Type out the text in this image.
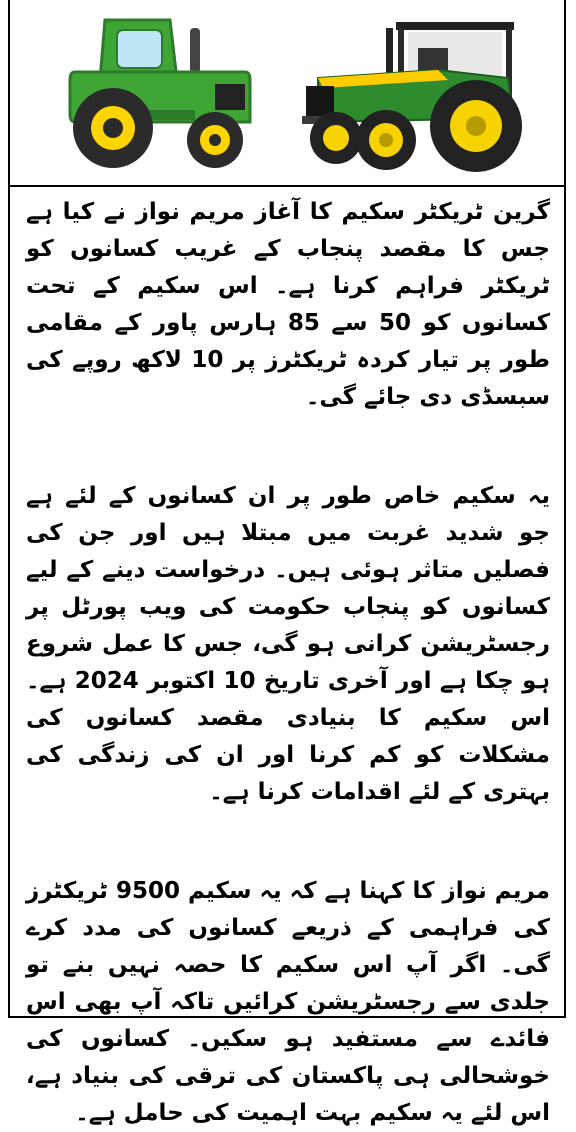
گرین ٹریکٹر سکیم کا آغاز مریم نواز نے کیا ہے جس کا مقصد پنجاب کے غریب کسانوں کو ٹریکٹر فراہم کرنا ہے۔ اس سکیم کے تحت کسانوں کو 50 سے 85 ہارس پاور کے مقامی طور پر تیار کردہ ٹریکٹرز پر 10 لاکھ روپے کی سبسڈی دی جائے گی۔

یہ سکیم خاص طور پر ان کسانوں کے لئے ہے جو شدید غربت میں مبتلا ہیں اور جن کی فصلیں متاثر ہوئی ہیں۔ درخواست دینے کے لیے کسانوں کو پنجاب حکومت کی ویب پورٹل پر رجسٹریشن کرانی ہو گی، جس کا عمل شروع ہو چکا ہے اور آخری تاریخ 10 اکتوبر 2024 ہے۔ اس سکیم کا بنیادی مقصد کسانوں کی مشکلات کو کم کرنا اور ان کی زندگی کی بہتری کے لئے اقدامات کرنا ہے۔

مریم نواز کا کہنا ہے کہ یہ سکیم 9500 ٹریکٹرز کی فراہمی کے ذریعے کسانوں کی مدد کرے گی۔ اگر آپ اس سکیم کا حصہ نہیں بنے تو جلدی سے رجسٹریشن کرائیں تاکہ آپ بھی اس فائدے سے مستفید ہو سکیں۔ کسانوں کی خوشحالی ہی پاکستان کی ترقی کی بنیاد ہے، اس لئے یہ سکیم بہت اہمیت کی حامل ہے۔
